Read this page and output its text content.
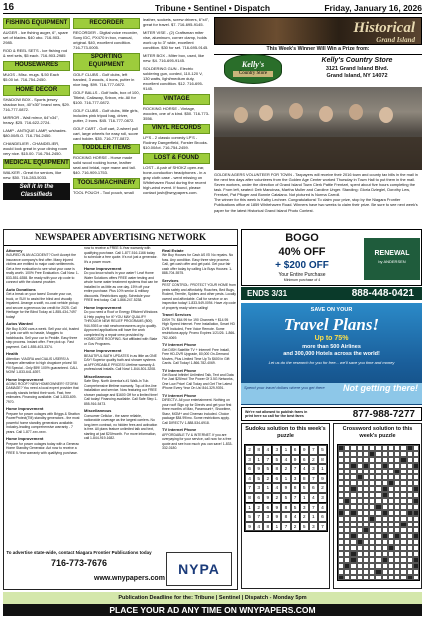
16	Tribune • Sentinel • Dispatch	Friday, January 16, 2026
FISHING EQUIPMENT
AUGER - Ice fishing auger, 6", spare set of blades. $40 obo. 716-903-2985.
ROD & REEL SETS - Ice fishing rod & reel sets, $5 each. 716-903-2985
HOUSEWARES
MUGS - Misc. mugs. $.50 Each $5.00 lot. 716-754-2450.
HOME DECOR
SHADOW BOX - Sports jersey shadow box, 40"x30" brand new, $29. 716-777-0872.
MIRROR - Wall mirror, 64"x34", heavy. $25. 716-622-2724.
LAMP - ANTIQUE LAMP, w/shades. $80.00/B.O. 716-754-2450.
CHANDELIER - CHANDELIER, would look great in your dining room very nice. $15.00. 716-754-2450.
MEDICAL EQUIPMENT
WALKER - Great for seniors, like new. $50. 716-283-5033.
Sell it in the Classifieds
RECORDER
RECORDER - Digital voice recorder, Sony IDC, PX470 in box, manual, original. $40, excellent condition. 716-773-0005.
SPORTING EQUIPMENT
GOLF CLUBS - Golf clubs, left handed, 3 woods, 4 irons, putter in nice bag. $99. 716-777-0872.
GOLF BALLS - Golf balls, box of 100, Titleist, Callaway, Srixon, etc. All for $100. 716-777-0872.
GOLF CLUBS - Golf clubs, little girls, includes pink tripod bag, driver, putter, 2 irons. $45. 716-777-0872.
GOLF CART - Golf cart, 2-wheel pull cart, large wheels for easy roll, score card holder. $35. 716-777-0872.
TODDLER ITEMS
ROCKING HORSE - Horse made solid wood rocking horse, leather seat and bridal, rope mane and tail. $40. 716-909-1753.
TOOLS/MACHINERY
TOOL POUCH - Tool pouch, small
leather, sockets, screw drivers, 6"x4", great for travel. $7. 716-695-9145.
MITER VISE - (2) Craftsman miter vise, aluminum, corner clamp, holds work up to 3" wide, excellent condition. $30 for set. 716-695-9145.
MITER BOX - Miter box, used, like new. $4. 716-695-9145.
SOLDERING GUN - Electric soldering gun, corded, 110-120 V, 130 watts, light/medium duty, excellent condition. $12. 716-695-9145.
VINTAGE
ROCKING HORSE - Vintage, wooden, one of a kind. $50. 716-773-3556.
VINYL RECORDS
LP'S - 2 classic comedy LP'S - Rodney Dangerfield, Forster Brooks. $10.00/lot. 716-754-2459.
LOST & FOUND
LOST - A pair of SHOKZ open-ear, bone-conduction headphones - in a gray cloth case - went missing on Whitehaven Road during the recent high-wind event. If found, please contact josh@wnypapers.com.
Historical
Grand Island
This Week's Winner Will Win a Prize from:
Kelly's
Country Store
Kelly's Country Store
3121 Grand Island Blvd.
Grand Island, NY 14072
GOLDEN AGERS VOLUNTEER FOR TOWN - Taxpayers will receive their 2016 town and county tax bills in the mail in the next few days after volunteers from the Golden Age Center worked Thursday in Town Hall to put them in the mail. Seven workers, under the direction of Grand Island Town Clerk Pattie Frentzel, spent about five hours completing the task. From left, seated: Deb Mancinas, Martha Muller and Caroline Unger. Standing: Gloria Dziegiel, Dorothy Lew, Frentzel, Pat Pfluger and Bonnie Catalano. Not pictured is Norma Carroll.
The winner for this week is Kathy Lechner. Congratulations! To claim your prize, stop by the Niagara Frontier Publications office at 1859 Whitehaven Road. Winners have two weeks to claim their prize. Be sure to see next week's paper for the latest Historical Grand Island Photo Contest.
NEWSPAPER ADVERTISING NETWORK
Attorney
INJURED IN AN ACCIDENT? Don't Accept the insurance company's first offer. Many injured victims are entitled to major cash settlements. Get a free evaluation to see what your case is really worth. 100% Free Evaluation. Call Now: 1-833-551-6358. Be ready with your zip code to connect with the closest provider.
Auto Donations
Get a break on your taxes! Donate your car, truck, or SUV to assist the blind and visually impaired. Arrange a swift, no-cost vehicle pickup and secure a generous tax credit for 2025. Call Heritage for the Blind Today at 1-855-434-7497 today!
Autos Wanted
We Buy 8,000 cars a week. Sell your old, busted or junk car with no hassle, Maggies to hatchbacks. Sell your car to Peddle. Easy three step process. Instant offer. Free pick up. Fast payment. Call 1-855-403-3374.
Health
Attention: VIAGRA and CIALIS USERS! A cheaper alternative to high drugstore prices! 50 Pill Special - Only $99! 100% guaranteed. CALL NOW! 1-833-641-6397.
Home Improvement
AGING ROOF? NEW HOMEOWNER? STORM DAMAGE? You need a local expert provider that proudly stands behind their work. Fast, free estimates. Financing available. Call 1-833-609-7970.
Home Improvement
Prepare for power outages with Briggs & Stratton PowerProtect(TM) standby generators - the most powerful home standby generators available. Industry-leading comprehensive warranty - 7 years. Call 1-877-xxx-xxxx.
Home Improvement
Prepare for power outages today with a Generac Home Standby Generator. Act now to receive a FREE 5-Year warranty with qualifying purchase.
now to receive a FREE 5-Year warranty with qualifying purchase. Call 1-877-516-1166 today to schedule a free quote. It's not just a generator. It's a power move.
Home Improvement
Do you know what's in your water? Leaf Home Water Solutions offers FREE water testing and whole home water treatment systems that can be installed in as little as one day. 15% off your entire purchase. Plus 10% senior & military discounts. Restrictions apply. Schedule your FREE test today. Call 1-866-247-5238.
Home Improvement
Do you need a Roof or Energy Efficient Windows & Help paying for it? YOU MAY QUALIFY THROUGH NEW RELIEF PROGRAMS (800) 944-9393 or visit newhomeowners.org to qualify. Approved applications will have the work completed by a repair crew provided by: HOMECORE ROOFING. Not affiliated with State or Gov Programs.
Home Improvement
BEAUTIFUL BATH UPDATES in as little as ONE DAY! Superior quality bath and shower systems at AFFORDABLE PRICES! Lifetime warranty & professional installs. Call Now! 1-844-501-3208.
Miscellaneous
Safe Step. North America's #1 Walk-In Tub. Comprehensive lifetime warranty. Top-of-the-line installation and service. Now featuring our FREE shower package and $1600 Off for a limited time! Call today! Financing available. Call Safe Step 1-855-916-5473.
Miscellaneous
Consumer Cellular - the same reliable, nationwide coverage as the largest carriers. No long-term contract, no hidden fees and activation is free. All plans feature unlimited talk and text, starting at just $20/month. For more information, call 1-844-919-1682.
Real Estate
We Buy Houses for Cash AS IS! No repairs. No fuss. Any condition. Easy three step process: Call, get cash offer and get paid. Get your fair cash offer today by calling Liz Buys Houses: 1-888-704-5575.
Services
PEST CONTROL: PROTECT YOUR HOME from pests safely and affordably. Roaches, Bed Bugs, Rodent, Termite, Spiders and other pests. Locally owned and affordable. Call for service or an inspection today! 1-833-549-0094. Have zip code of property ready when calling!
Travel Services
DISH TV. $64.99 for 190 Channels + $14.95 High Speed Internet. Free Installation, Smart HD DVR Included, Free Voice Remote. Some restrictions apply. Promo Expires 1/21/26. 1-866-782-4069.
TV Internet Phone
Get DISH Satellite TV + Internet! Free Install, Free HD-DVR Upgrade, 80,000 On-Demand Movies, Plus Limited Time Up To $600 in Gift Cards. Call Today! 1-866-782-4069.
TV Internet Phone
Get Boost Infinite! Unlimited Talk, Text and Data For Just $25/mo! The Power Of 3.5G Networks, One Low Price! Call Today and Get The Latest iPhone Every Year On Us! 844-329-9391.
TV Internet Phone
DIRECTV- All your entertainment. Nothing on your roof! Sign up for Directv and get your first three months of Max, Paramount+, Showtime, Starz, MGM+ and Cinemax included. Choice package $84.99/mo. Some restrictions apply. Call DIRECTV 1-888-534-6918.
TV Internet Phone
AFFORDABLE TV & INTERNET. If you are overpaying for your service, call now for a free quote and see how much you can save! 1-833-332-0180.
To advertise state-wide, contact Niagara Frontier Publications today
716-773-7676
www.wnypapers.com
NYPA
BOGO
40% OFF
+ $200 OFF
Your Entire Purchase
Minimum purchase of 4
RENEWAL
by ANDERSEN
ENDS 3/31	888-448-0421
SAVE ON YOUR
Travel Plans!
Up to 75%
more than 500 Airlines
and 300,000 Hotels across the world!
Let us do the research for you for free... we'll save you time and money
Spend your travel dollars where you get there Not getting there!
We're not allowed to publish fares in print here so call for the best fares	877-988-7277
Sudoku solution to this week's puzzle
2	8	4	3	1	6	9	7	5
3	1	7	5	4	9	6	2	8
6	9	5	8	2	7	4	3	1
4	5	2	6	1	3	8	7	9
7	3	1	4	9	8	5	6	2
8	6	9	2	5	7	1	4	3
1	2	6	9	8	5	3	7	4
5	7	3	9	8	4	2	1	6
9	4	8	1	7	2	5	3	7
Crossword solution to this week's puzzle
Publication Deadline for the: Tribune | Sentinel | Dispatch - Monday 5pm
PLACE YOUR AD ANY TIME ON WNYPAPERS.COM
